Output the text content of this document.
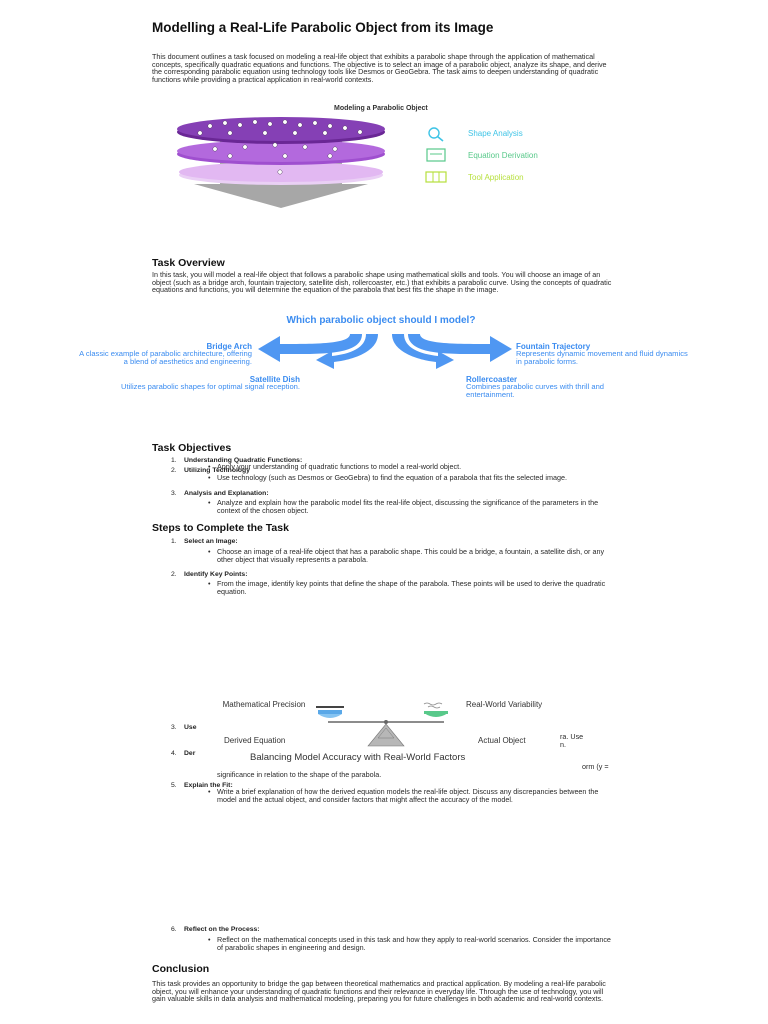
Modelling a Real-Life Parabolic Object from its Image
This document outlines a task focused on modeling a real-life object that exhibits a parabolic shape through the application of mathematical concepts, specifically quadratic equations and functions. The objective is to select an image of a parabolic object, analyze its shape, and derive the corresponding parabolic equation using technology tools like Desmos or GeoGebra. The task aims to deepen understanding of quadratic functions while providing a practical application in real-world contexts.
Modeling a Parabolic Object
Shape Analysis
Equation Derivation
Tool Application
Task Overview
In this task, you will model a real-life object that follows a parabolic shape using mathematical skills and tools. You will choose an image of an object (such as a bridge arch, fountain trajectory, satellite dish, rollercoaster, etc.) that exhibits a parabolic curve. Using the concepts of quadratic equations and functions, you will determine the equation of the parabola that best fits the shape in the image.
Which parabolic object should I model?
Bridge Arch
A classic example of parabolic architecture, offering a blend of aesthetics and engineering.
Fountain Trajectory
Represents dynamic movement and fluid dynamics in parabolic forms.
Satellite Dish
Utilizes parabolic shapes for optimal signal reception.
Rollercoaster
Combines parabolic curves with thrill and entertainment.
Task Objectives
1. Understanding Quadratic Functions:
• Apply your understanding of quadratic functions to model a real-world object.
2. Utilizing Technology
• Use technology (such as Desmos or GeoGebra) to find the equation of a parabola that fits the selected image.
3. Analysis and Explanation:
• Analyze and explain how the parabolic model fits the real-life object, discussing the significance of the parameters in the context of the chosen object.
Steps to Complete the Task
1. Select an Image:
• Choose an image of a real-life object that has a parabolic shape. This could be a bridge, a fountain, a satellite dish, or any other object that visually represents a parabola.
2. Identify Key Points:
• From the image, identify key points that define the shape of the parabola. These points will be used to derive the quadratic equation.
3. Use
ra. Use
n.
4. Der
orm (y =
significance in relation to the shape of the parabola.
Mathematical Precision	Real-World Variability
Derived Equation	Actual Object
Balancing Model Accuracy with Real-World Factors
5. Explain the Fit:
• Write a brief explanation of how the derived equation models the real-life object. Discuss any discrepancies between the model and the actual object, and consider factors that might affect the accuracy of the model.
6. Reflect on the Process:
• Reflect on the mathematical concepts used in this task and how they apply to real-world scenarios. Consider the importance of parabolic shapes in engineering and design.
Conclusion
This task provides an opportunity to bridge the gap between theoretical mathematics and practical application. By modeling a real-life parabolic object, you will enhance your understanding of quadratic functions and their relevance in everyday life. Through the use of technology, you will gain valuable skills in data analysis and mathematical modeling, preparing you for future challenges in both academic and real-world contexts.
